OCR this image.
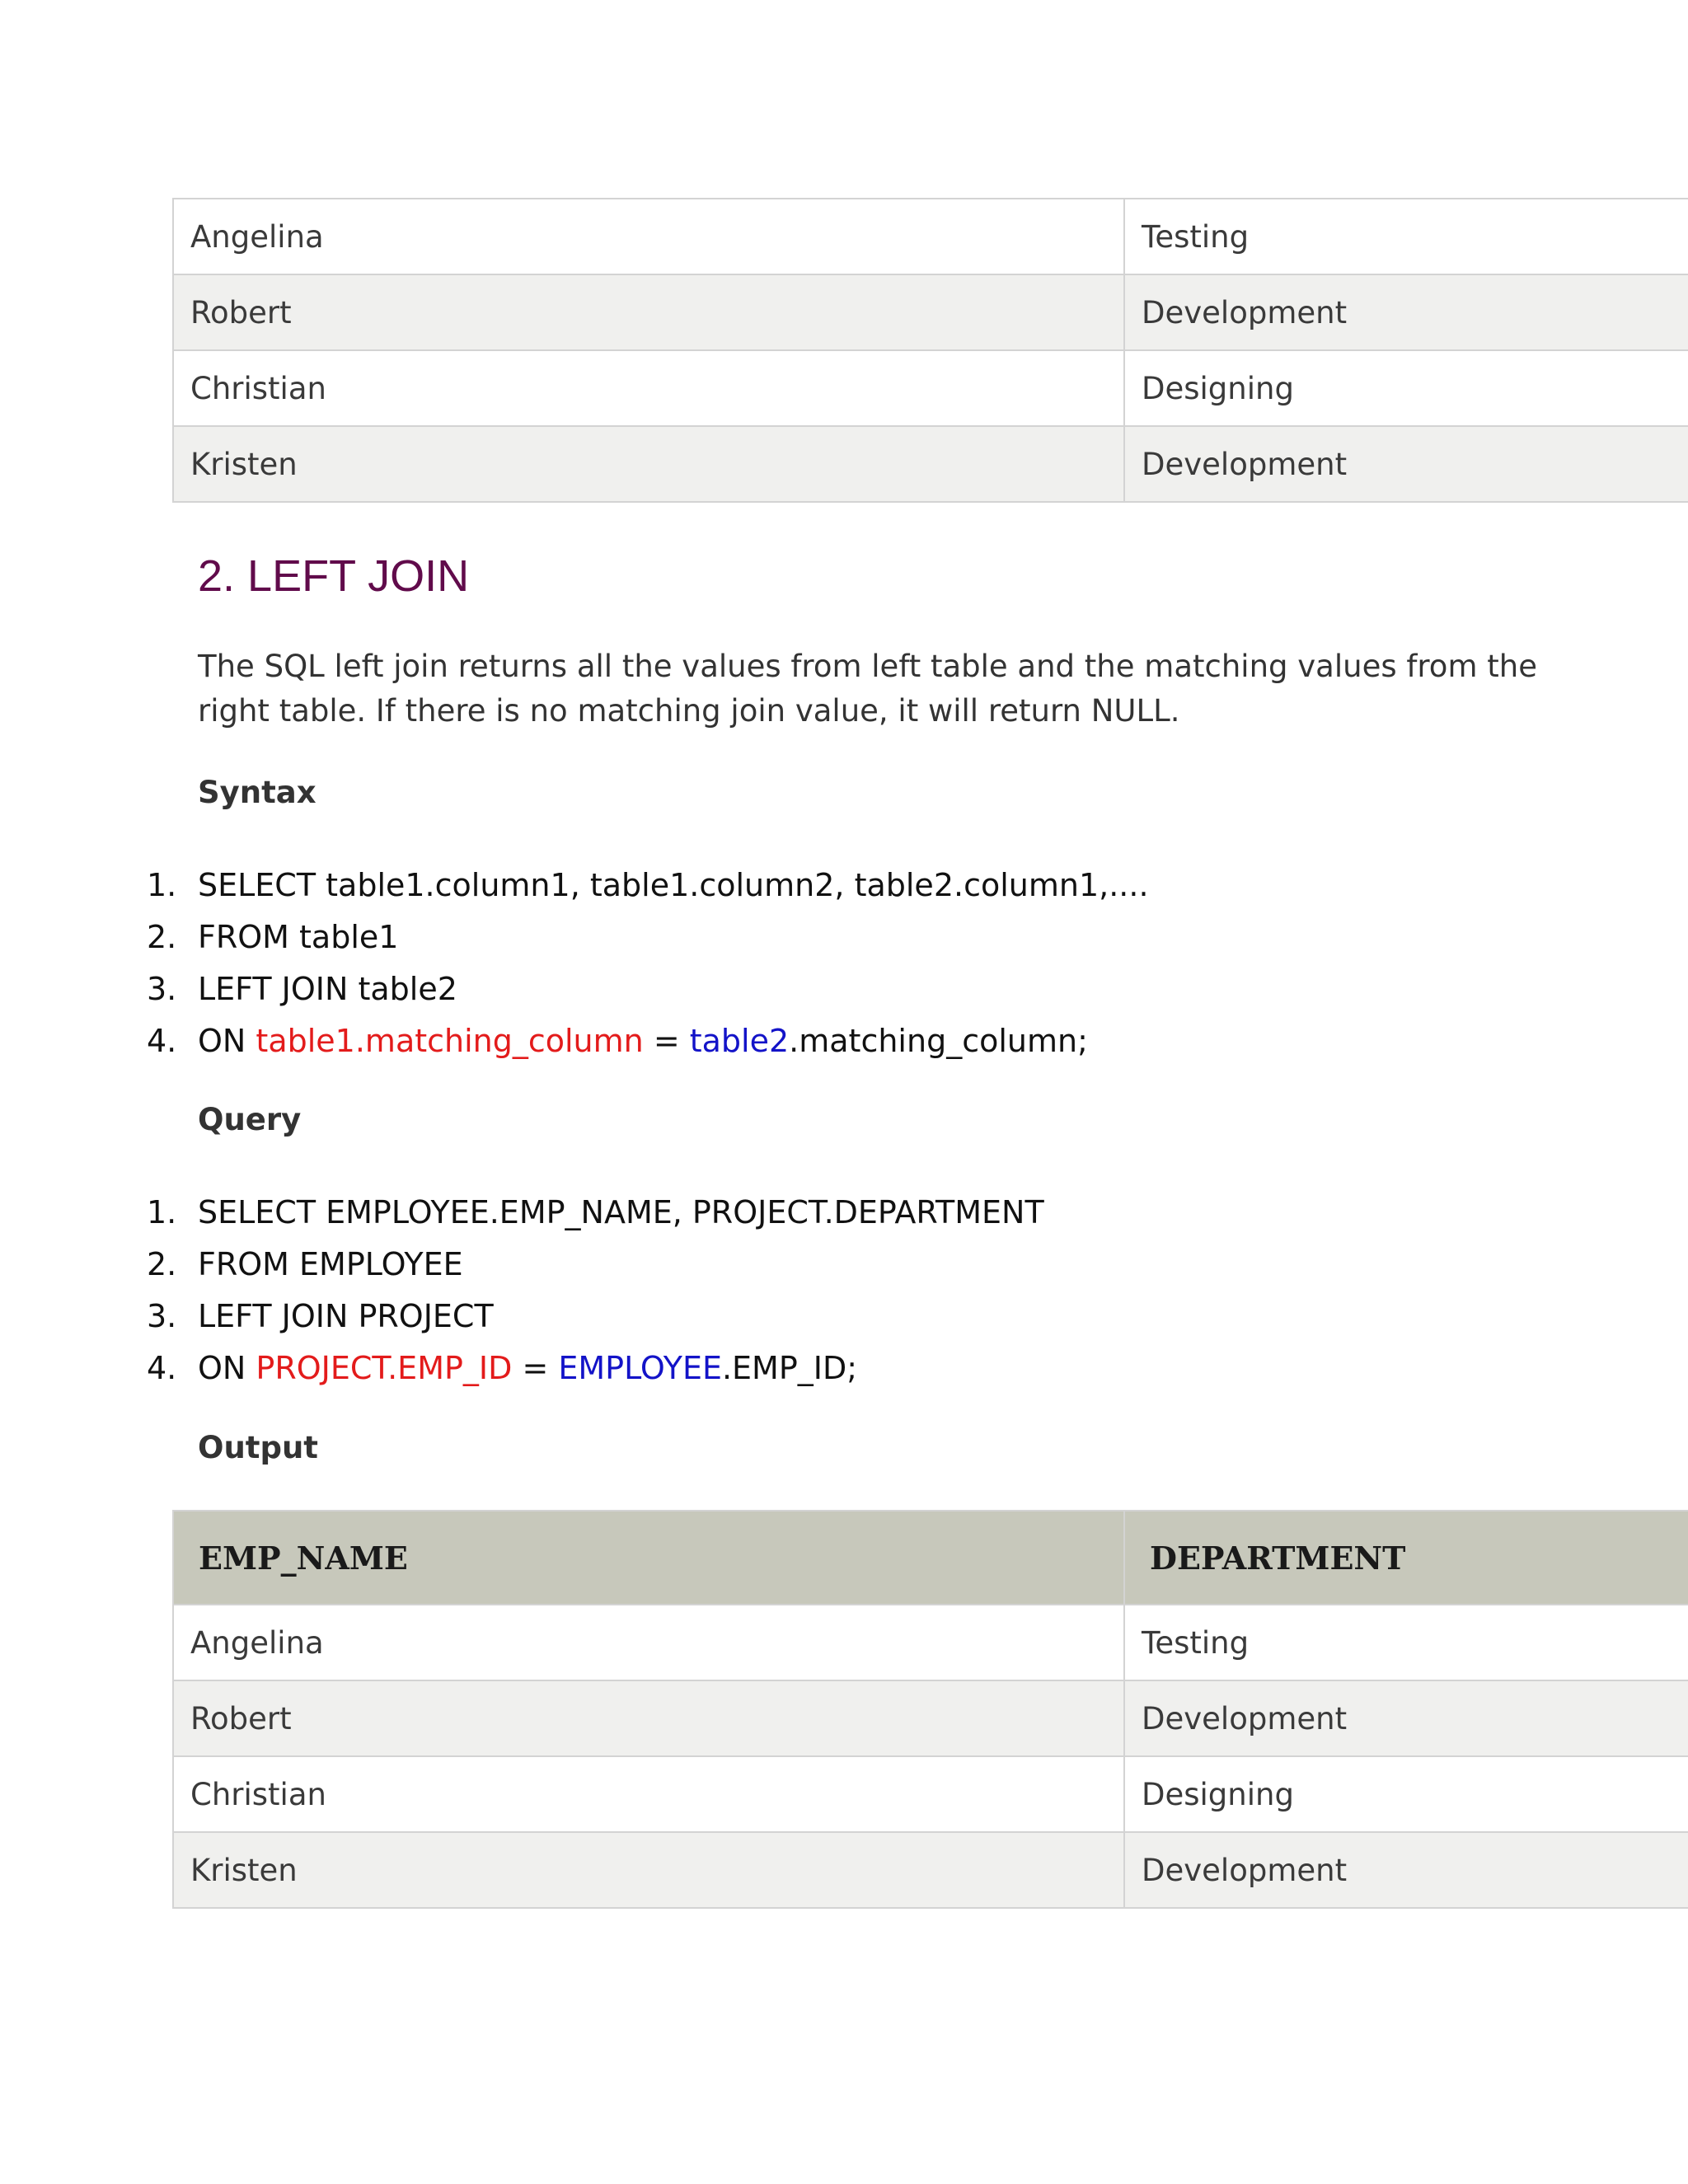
Angelina	Testing
Robert	Development
Christian	Designing
Kristen	Development
2. LEFT JOIN

The SQL left join returns all the values from left table and the matching values from the right table. If there is no matching join value, it will return NULL.

Syntax

1. SELECT table1.column1, table1.column2, table2.column1,....
2. FROM table1
3. LEFT JOIN table2
4. ON table1.matching_column = table2.matching_column;

Query

1. SELECT EMPLOYEE.EMP_NAME, PROJECT.DEPARTMENT
2. FROM EMPLOYEE
3. LEFT JOIN PROJECT
4. ON PROJECT.EMP_ID = EMPLOYEE.EMP_ID;

Output

EMP_NAME	DEPARTMENT
Angelina	Testing
Robert	Development
Christian	Designing
Kristen	Development
